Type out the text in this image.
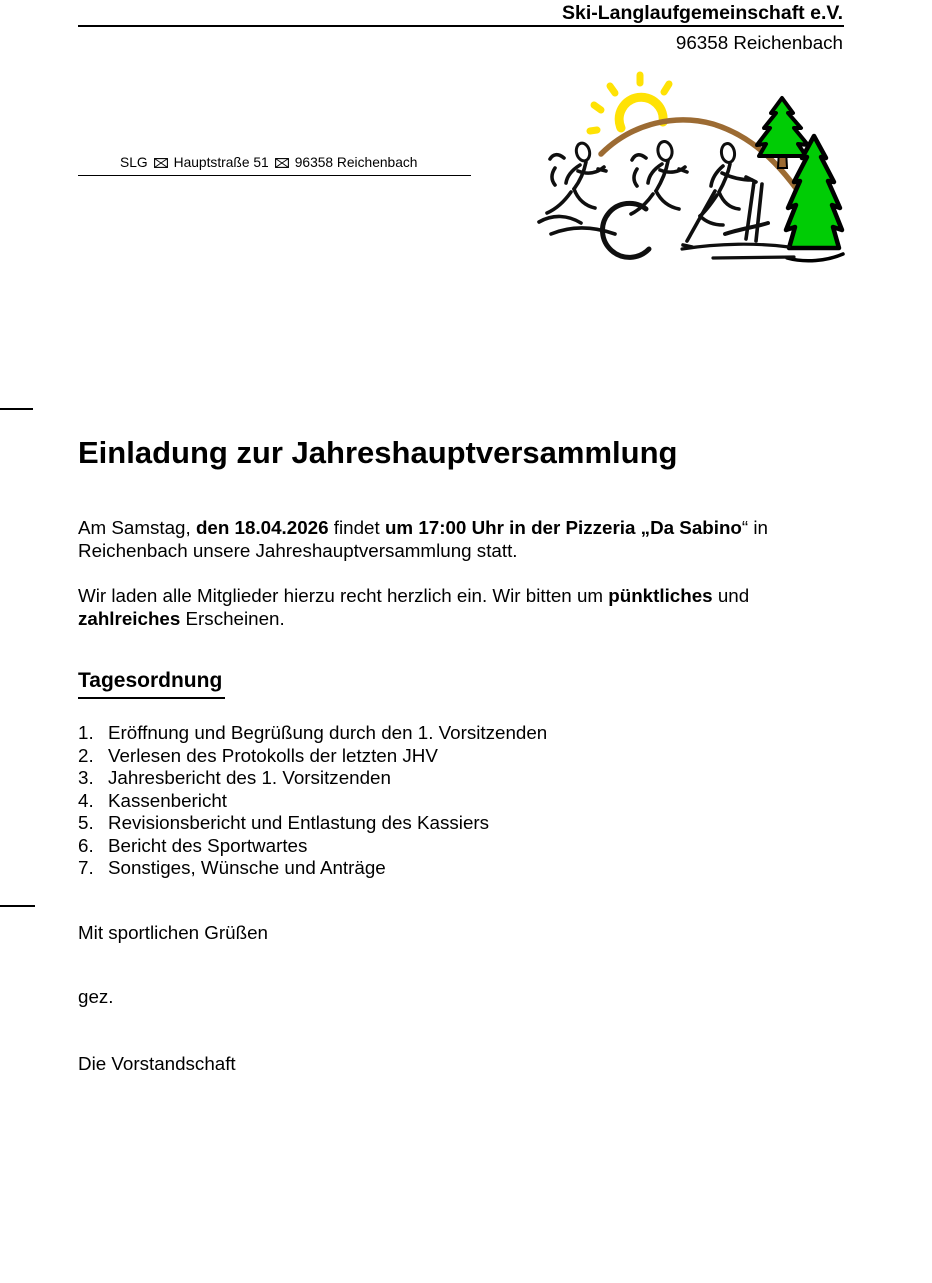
Ski-Langlaufgemeinschaft e.V.
96358 Reichenbach
SLG Hauptstraße 51 96358 Reichenbach
Einladung zur Jahreshauptversammlung
Am Samstag, den 18.04.2026 findet um 17:00 Uhr in der Pizzeria „Da Sabino“ in
Reichenbach unsere Jahreshauptversammlung statt.
Wir laden alle Mitglieder hierzu recht herzlich ein. Wir bitten um pünktliches und
zahlreiches Erscheinen.
Tagesordnung
1. Eröffnung und Begrüßung durch den 1. Vorsitzenden
2. Verlesen des Protokolls der letzten JHV
3. Jahresbericht des 1. Vorsitzenden
4. Kassenbericht
5. Revisionsbericht und Entlastung des Kassiers
6. Bericht des Sportwartes
7. Sonstiges, Wünsche und Anträge
Mit sportlichen Grüßen
gez.
Die Vorstandschaft
